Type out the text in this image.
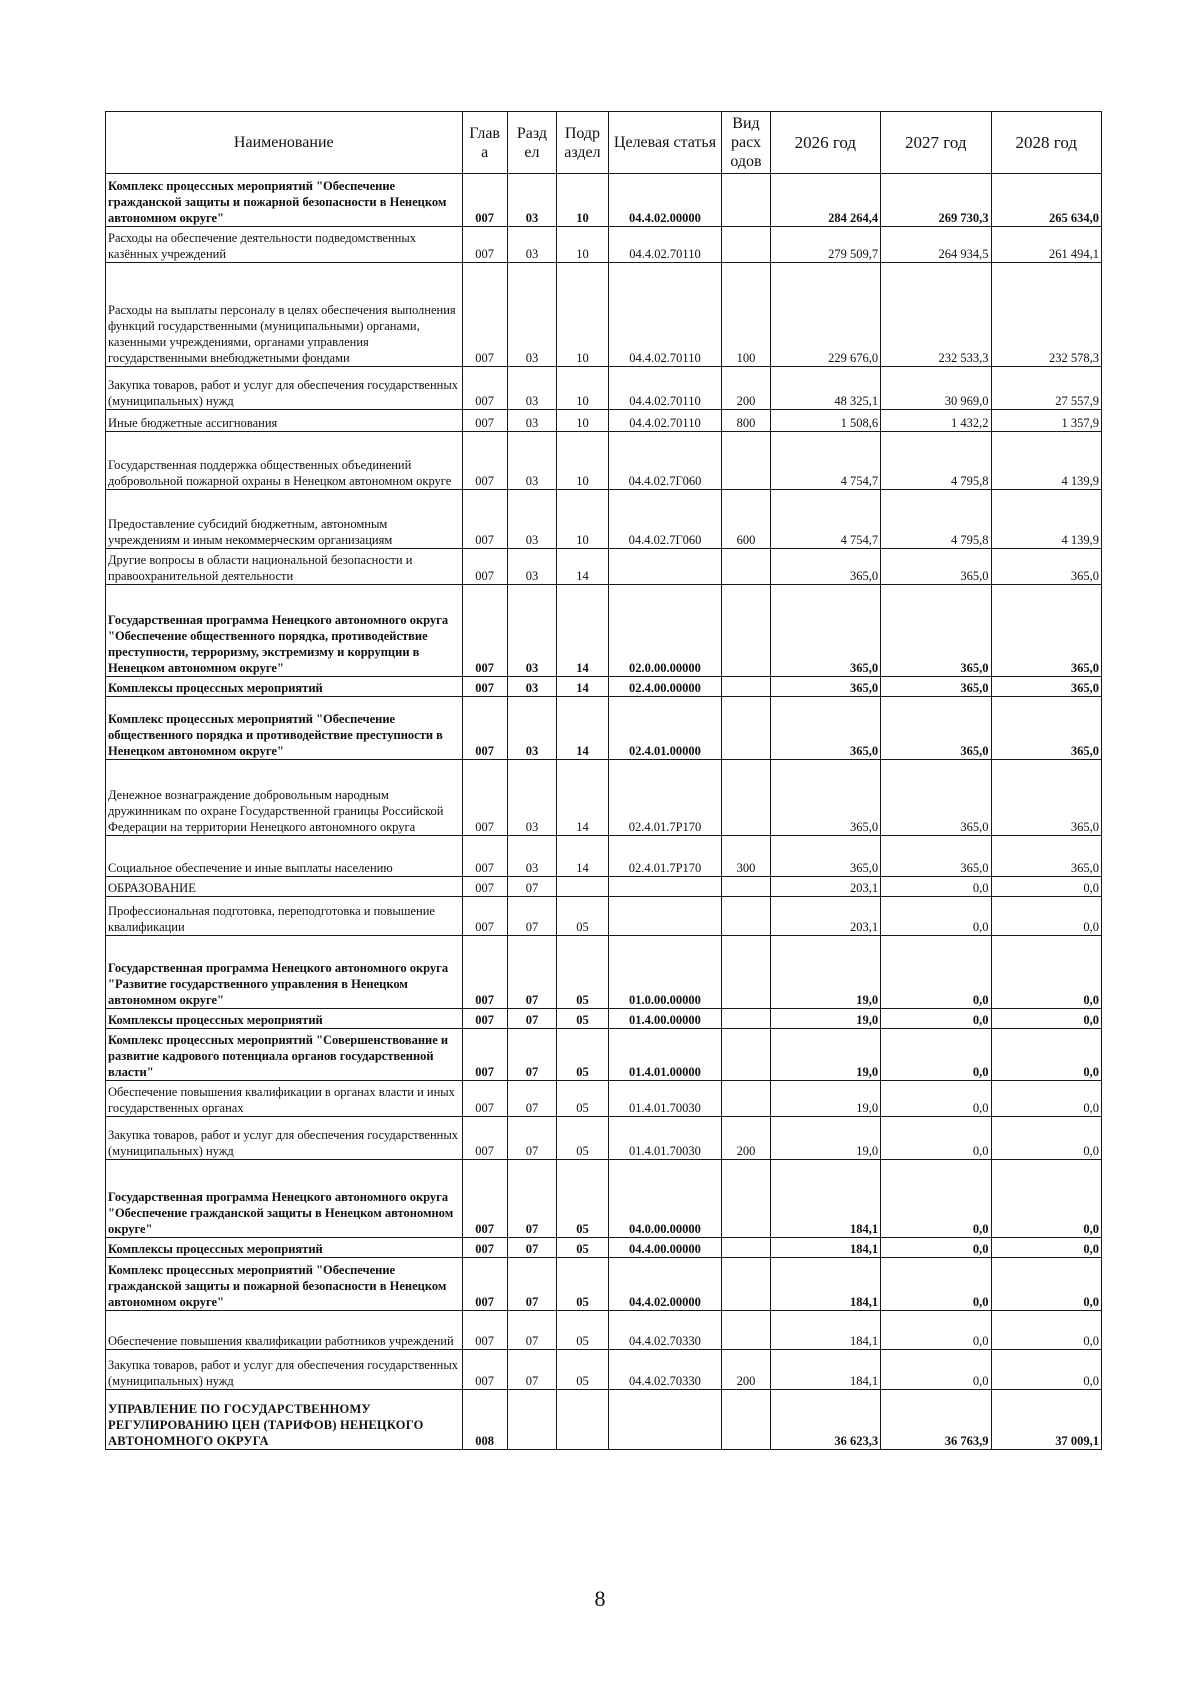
Наименование	Глав а	Разд ел	Подр аздел	Целевая статья	Вид расх одов	2026 год	2027 год	2028 год
Комплекс процессных мероприятий "Обеспечение гражданской защиты и пожарной безопасности в Ненецком автономном округе"	007	03	10	04.4.02.00000		284 264,4	269 730,3	265 634,0
Расходы на обеспечение деятельности подведомственных казённых учреждений	007	03	10	04.4.02.70110		279 509,7	264 934,5	261 494,1
Расходы на выплаты персоналу в целях обеспечения выполнения функций государственными (муниципальными) органами, казенными учреждениями, органами управления государственными внебюджетными фондами	007	03	10	04.4.02.70110	100	229 676,0	232 533,3	232 578,3
Закупка товаров, работ и услуг для обеспечения государственных (муниципальных) нужд	007	03	10	04.4.02.70110	200	48 325,1	30 969,0	27 557,9
Иные бюджетные ассигнования	007	03	10	04.4.02.70110	800	1 508,6	1 432,2	1 357,9
Государственная поддержка общественных объединений добровольной пожарной охраны в Ненецком автономном округе	007	03	10	04.4.02.7Г060		4 754,7	4 795,8	4 139,9
Предоставление субсидий бюджетным, автономным учреждениям и иным некоммерческим организациям	007	03	10	04.4.02.7Г060	600	4 754,7	4 795,8	4 139,9
Другие вопросы в области национальной безопасности и правоохранительной деятельности	007	03	14			365,0	365,0	365,0
Государственная программа Ненецкого автономного округа "Обеспечение общественного порядка, противодействие преступности, терроризму, экстремизму и коррупции в Ненецком автономном округе"	007	03	14	02.0.00.00000		365,0	365,0	365,0
Комплексы процессных мероприятий	007	03	14	02.4.00.00000		365,0	365,0	365,0
Комплекс процессных мероприятий "Обеспечение общественного порядка и противодействие преступности в Ненецком автономном округе"	007	03	14	02.4.01.00000		365,0	365,0	365,0
Денежное вознаграждение добровольным народным дружинникам по охране Государственной границы Российской Федерации на территории Ненецкого автономного округа	007	03	14	02.4.01.7Р170		365,0	365,0	365,0
Социальное обеспечение и иные выплаты населению	007	03	14	02.4.01.7Р170	300	365,0	365,0	365,0
ОБРАЗОВАНИЕ	007	07				203,1	0,0	0,0
Профессиональная подготовка, переподготовка и повышение квалификации	007	07	05			203,1	0,0	0,0
Государственная программа Ненецкого автономного округа "Развитие государственного управления в Ненецком автономном округе"	007	07	05	01.0.00.00000		19,0	0,0	0,0
Комплексы процессных мероприятий	007	07	05	01.4.00.00000		19,0	0,0	0,0
Комплекс процессных мероприятий "Совершенствование и развитие кадрового потенциала органов государственной власти"	007	07	05	01.4.01.00000		19,0	0,0	0,0
Обеспечение повышения квалификации в органах власти и иных государственных органах	007	07	05	01.4.01.70030		19,0	0,0	0,0
Закупка товаров, работ и услуг для обеспечения государственных (муниципальных) нужд	007	07	05	01.4.01.70030	200	19,0	0,0	0,0
Государственная программа Ненецкого автономного округа "Обеспечение гражданской защиты в Ненецком автономном округе"	007	07	05	04.0.00.00000		184,1	0,0	0,0
Комплексы процессных мероприятий	007	07	05	04.4.00.00000		184,1	0,0	0,0
Комплекс процессных мероприятий "Обеспечение гражданской защиты и пожарной безопасности в Ненецком автономном округе"	007	07	05	04.4.02.00000		184,1	0,0	0,0
Обеспечение повышения квалификации работников учреждений	007	07	05	04.4.02.70330		184,1	0,0	0,0
Закупка товаров, работ и услуг для обеспечения государственных (муниципальных) нужд	007	07	05	04.4.02.70330	200	184,1	0,0	0,0
УПРАВЛЕНИЕ ПО ГОСУДАРСТВЕННОМУ РЕГУЛИРОВАНИЮ ЦЕН (ТАРИФОВ) НЕНЕЦКОГО АВТОНОМНОГО ОКРУГА	008					36 623,3	36 763,9	37 009,1
8
